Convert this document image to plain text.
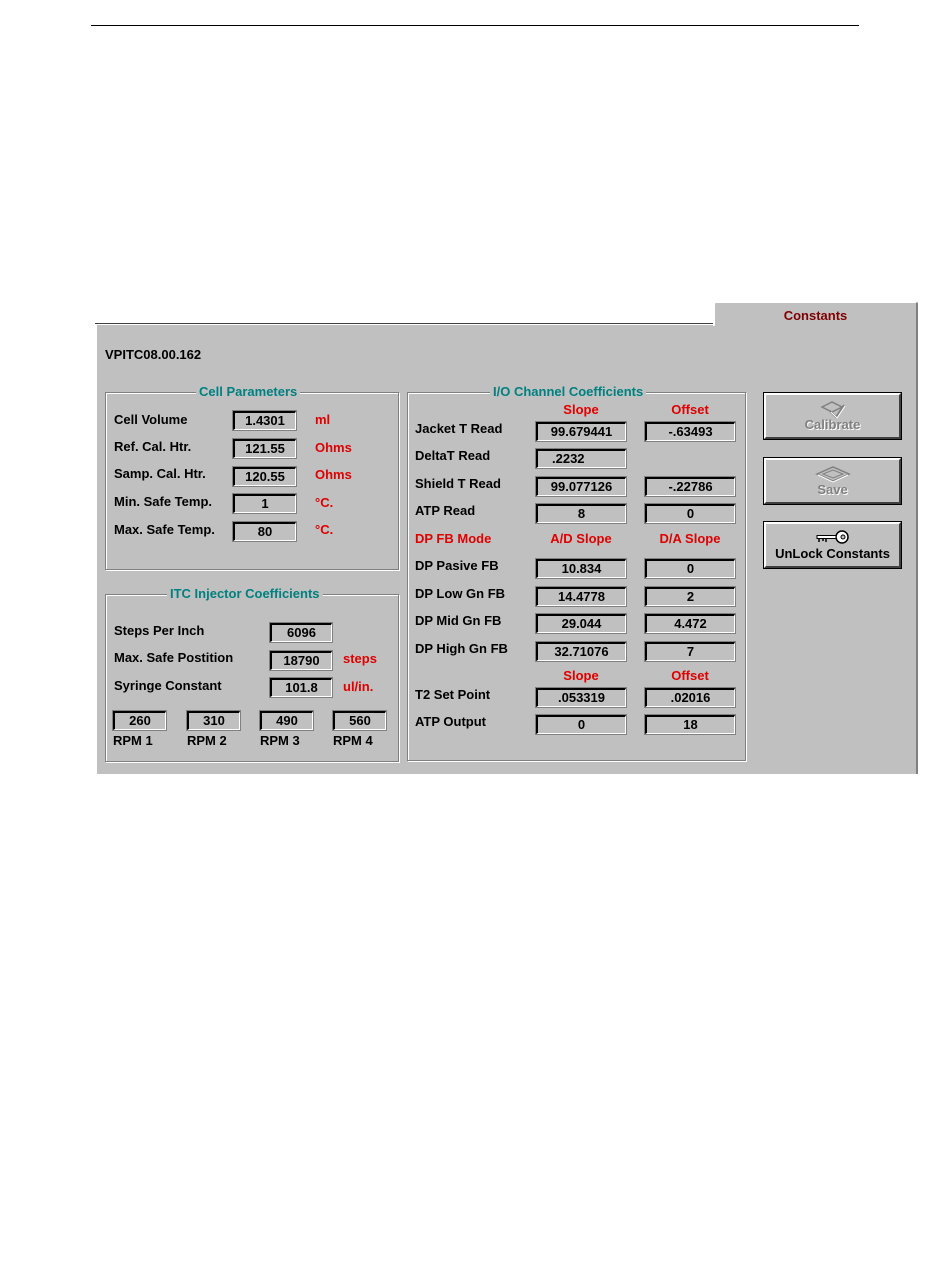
Constants
VPITC08.00.162
Cell Parameters
Cell Volume	1.4301	ml
Ref. Cal. Htr.	121.55	Ohms
Samp. Cal. Htr.	120.55	Ohms
Min. Safe Temp.	1	°C.
Max. Safe Temp.	80	°C.
ITC Injector Coefficients
Steps Per Inch	6096
Max. Safe Postition	18790	steps
Syringe Constant	101.8	ul/in.
260
RPM 1
310
RPM 2
490
RPM 3
560
RPM 4
I/O Channel Coefficients
Slope	Offset
Jacket T Read	99.679441	-.63493
DeltaT Read	.2232
Shield T Read	99.077126	-.22786
ATP Read	8	0
DP FB Mode	A/D Slope	D/A Slope
DP Pasive FB	10.834	0
DP Low Gn FB	14.4778	2
DP Mid Gn FB	29.044	4.472
DP High Gn FB	32.71076	7
Slope	Offset
T2 Set Point	.053319	.02016
ATP Output	0	18
Calibrate
Save
UnLock Constants
